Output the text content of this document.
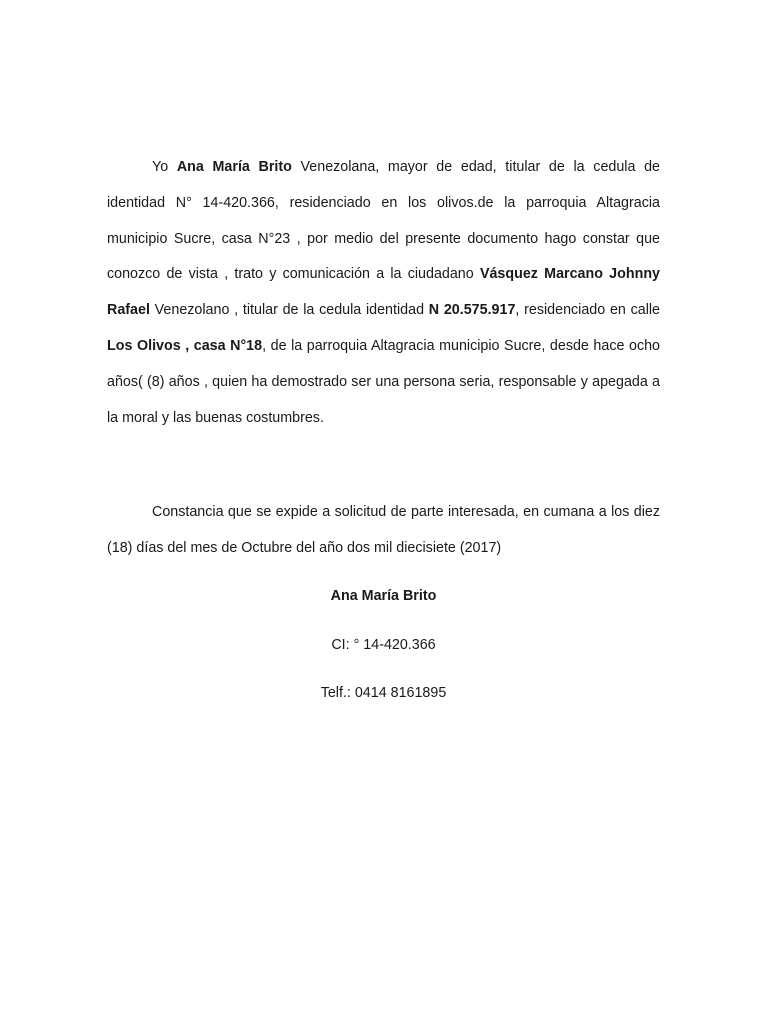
Yo Ana María Brito Venezolana, mayor de edad, titular de la cedula de identidad N° 14-420.366, residenciado en los olivos.de la parroquia Altagracia municipio Sucre, casa N°23 , por medio del presente documento hago constar que conozco de vista , trato y comunicación a la ciudadano Vásquez Marcano Johnny Rafael Venezolano , titular de la cedula identidad N 20.575.917, residenciado en calle Los Olivos , casa N°18, de la parroquia Altagracia municipio Sucre, desde hace ocho años( (8) años , quien ha demostrado ser una persona seria, responsable y apegada a la moral y las buenas costumbres.

Constancia que se expide a solicitud de parte interesada, en cumana a los diez (18) días del mes de Octubre del año dos mil diecisiete (2017)

Ana María Brito

CI: ° 14-420.366

Telf.: 0414 8161895
